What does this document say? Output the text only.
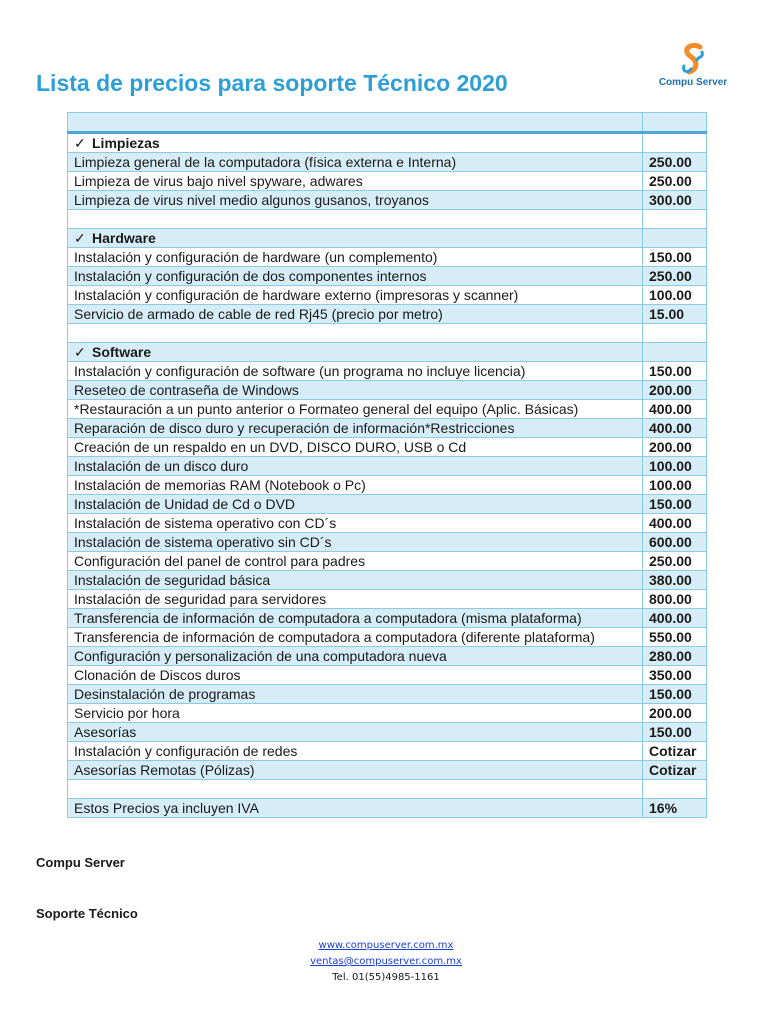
Lista de precios para soporte Técnico 2020	Compu Server

✓ Limpiezas	
Limpieza general de la computadora (física externa e Interna)	250.00
Limpieza de virus bajo nivel spyware, adwares	250.00
Limpieza de virus nivel medio algunos gusanos, troyanos	300.00

✓ Hardware	
Instalación y configuración de hardware (un complemento)	150.00
Instalación y configuración de dos componentes internos	250.00
Instalación y configuración de hardware externo (impresoras y scanner)	100.00
Servicio de armado de cable de red Rj45 (precio por metro)	15.00

✓ Software	
Instalación y configuración de software (un programa no incluye licencia)	150.00
Reseteo de contraseña de Windows	200.00
*Restauración a un punto anterior o Formateo general del equipo (Aplic. Básicas)	400.00
Reparación de disco duro y recuperación de información*Restricciones	400.00
Creación de un respaldo en un DVD, DISCO DURO, USB o Cd	200.00
Instalación de un disco duro	100.00
Instalación de memorias RAM (Notebook o Pc)	100.00
Instalación de Unidad de Cd o DVD	150.00
Instalación de sistema operativo con CD´s	400.00
Instalación de sistema operativo sin CD´s	600.00
Configuración del panel de control para padres	250.00
Instalación de seguridad básica	380.00
Instalación de seguridad para servidores	800.00
Transferencia de información de computadora a computadora (misma plataforma)	400.00
Transferencia de información de computadora a computadora (diferente plataforma)	550.00
Configuración y personalización de una computadora nueva	280.00
Clonación de Discos duros	350.00
Desinstalación de programas	150.00
Servicio por hora	200.00
Asesorías	150.00
Instalación y configuración de redes	Cotizar
Asesorías Remotas (Pólizas)	Cotizar

Estos Precios ya incluyen IVA	16%
Compu Server
Soporte Técnico
www.compuserver.com.mx
ventas@compuserver.com.mx
Tel. 01(55)4985-1161
